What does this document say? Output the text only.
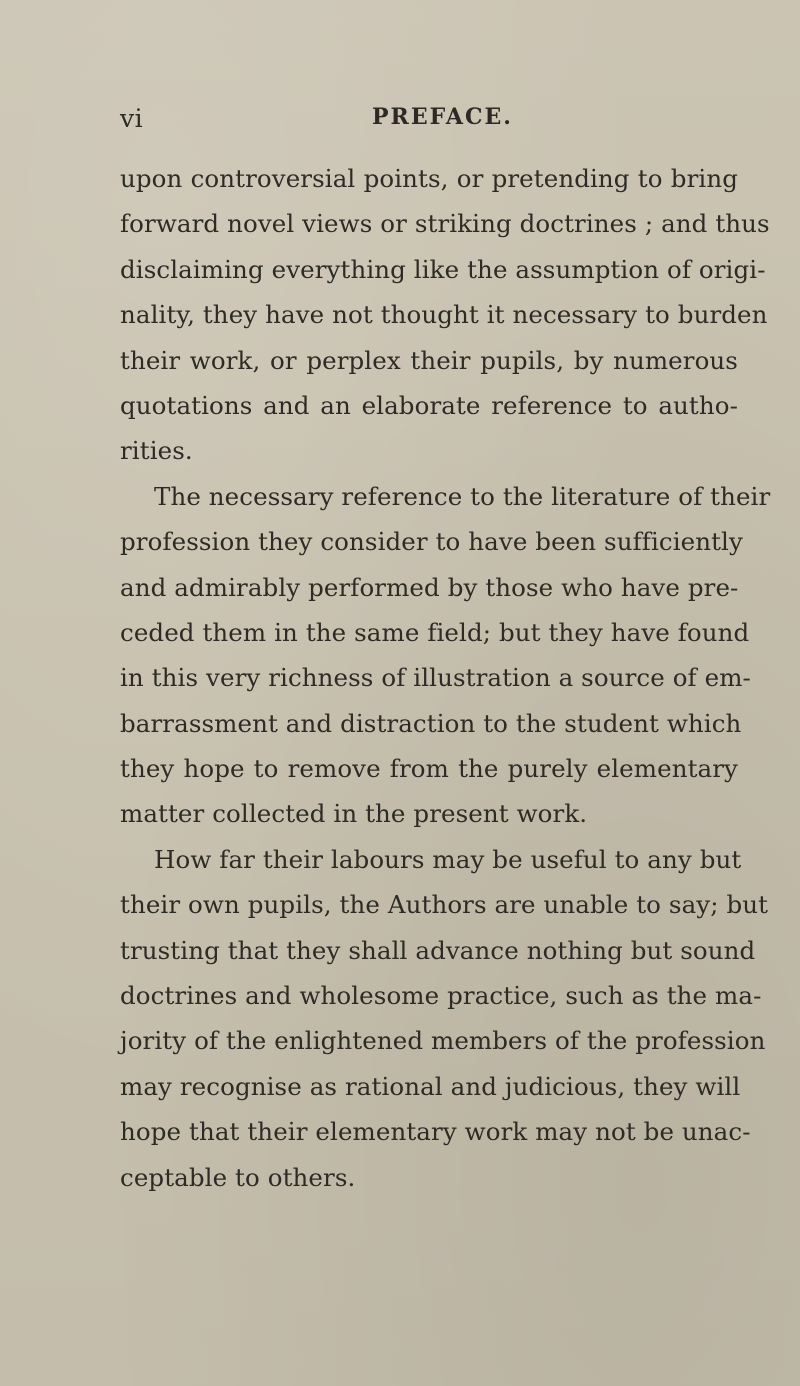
vi	PREFACE.
upon controversial points, or pretending to bring
forward novel views or striking doctrines ; and thus
disclaiming everything like the assumption of origi-
nality, they have not thought it necessary to burden
their work, or perplex their pupils, by numerous
quotations and an elaborate reference to autho-
rities.
The necessary reference to the literature of their
profession they consider to have been sufficiently
and admirably performed by those who have pre-
ceded them in the same field; but they have found
in this very richness of illustration a source of em-
barrassment and distraction to the student which
they hope to remove from the purely elementary
matter collected in the present work.
How far their labours may be useful to any but
their own pupils, the Authors are unable to say; but
trusting that they shall advance nothing but sound
doctrines and wholesome practice, such as the ma-
jority of the enlightened members of the profession
may recognise as rational and judicious, they will
hope that their elementary work may not be unac-
ceptable to others.
